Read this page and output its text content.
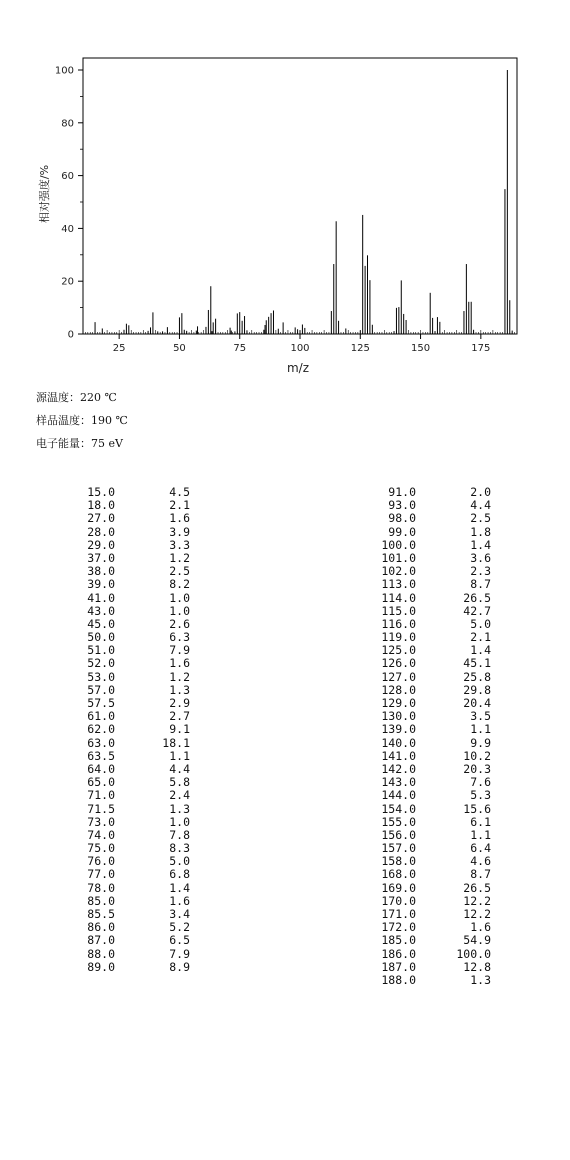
0
20
40
60
80
100
25	50	75	100	125	150	175
m/z
相对强度/%
源温度：220 ℃
样品温度：190 ℃
电子能量：75 eV
15.0	4.5
18.0	2.1
27.0	1.6
28.0	3.9
29.0	3.3
37.0	1.2
38.0	2.5
39.0	8.2
41.0	1.0
43.0	1.0
45.0	2.6
50.0	6.3
51.0	7.9
52.0	1.6
53.0	1.2
57.0	1.3
57.5	2.9
61.0	2.7
62.0	9.1
63.0	18.1
63.5	1.1
64.0	4.4
65.0	5.8
71.0	2.4
71.5	1.3
73.0	1.0
74.0	7.8
75.0	8.3
76.0	5.0
77.0	6.8
78.0	1.4
85.0	1.6
85.5	3.4
86.0	5.2
87.0	6.5
88.0	7.9
89.0	8.9
91.0	2.0
93.0	4.4
98.0	2.5
99.0	1.8
100.0	1.4
101.0	3.6
102.0	2.3
113.0	8.7
114.0	26.5
115.0	42.7
116.0	5.0
119.0	2.1
125.0	1.4
126.0	45.1
127.0	25.8
128.0	29.8
129.0	20.4
130.0	3.5
139.0	1.1
140.0	9.9
141.0	10.2
142.0	20.3
143.0	7.6
144.0	5.3
154.0	15.6
155.0	6.1
156.0	1.1
157.0	6.4
158.0	4.6
168.0	8.7
169.0	26.5
170.0	12.2
171.0	12.2
172.0	1.6
185.0	54.9
186.0	100.0
187.0	12.8
188.0	1.3
